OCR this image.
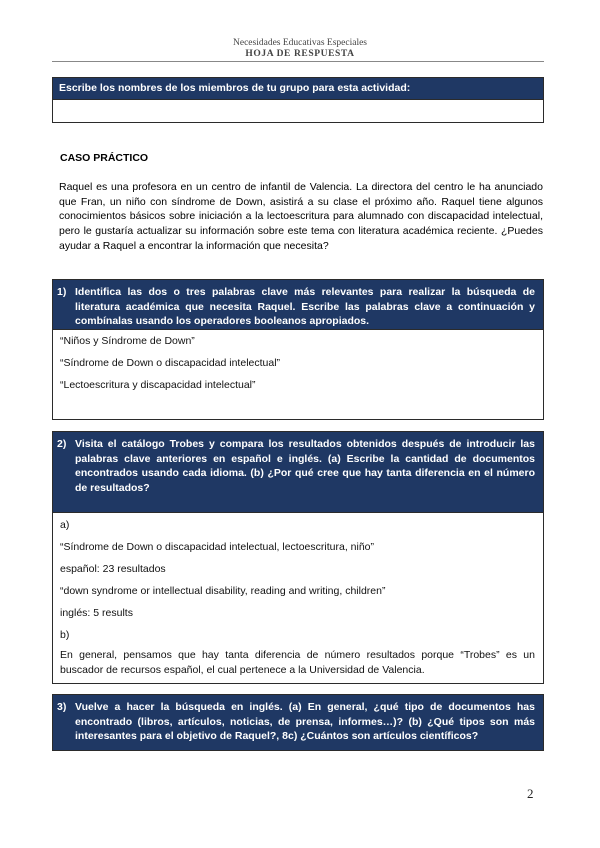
Necesidades Educativas Especiales
HOJA DE RESPUESTA
Escribe los nombres de los miembros de tu grupo para esta actividad:
CASO PRÁCTICO
Raquel es una profesora en un centro de infantil de Valencia. La directora del centro le ha anunciado que Fran, un niño con síndrome de Down, asistirá a su clase el próximo año. Raquel tiene algunos conocimientos básicos sobre iniciación a la lectoescritura para alumnado con discapacidad intelectual, pero le gustaría actualizar su información sobre este tema con literatura académica reciente. ¿Puedes ayudar a Raquel a encontrar la información que necesita?
1) Identifica las dos o tres palabras clave más relevantes para realizar la búsqueda de literatura académica que necesita Raquel. Escribe las palabras clave a continuación y combínalas usando los operadores booleanos apropiados.
“Niños y Síndrome de Down”
“Síndrome de Down o discapacidad intelectual”
“Lectoescritura y discapacidad intelectual”
2) Visita el catálogo Trobes y compara los resultados obtenidos después de introducir las palabras clave anteriores en español e inglés. (a) Escribe la cantidad de documentos encontrados usando cada idioma. (b) ¿Por qué cree que hay tanta diferencia en el número de resultados?
a)
“Síndrome de Down o discapacidad intelectual, lectoescritura, niño”
español: 23 resultados
“down syndrome or intellectual disability, reading and writing, children”
inglés: 5 results
b)
En general, pensamos que hay tanta diferencia de número resultados porque “Trobes” es un buscador de recursos español, el cual pertenece a la Universidad de Valencia.
3) Vuelve a hacer la búsqueda en inglés. (a) En general, ¿qué tipo de documentos has encontrado (libros, artículos, noticias, de prensa, informes…)? (b) ¿Qué tipos son más interesantes para el objetivo de Raquel?, 8c) ¿Cuántos son artículos científicos?
2
